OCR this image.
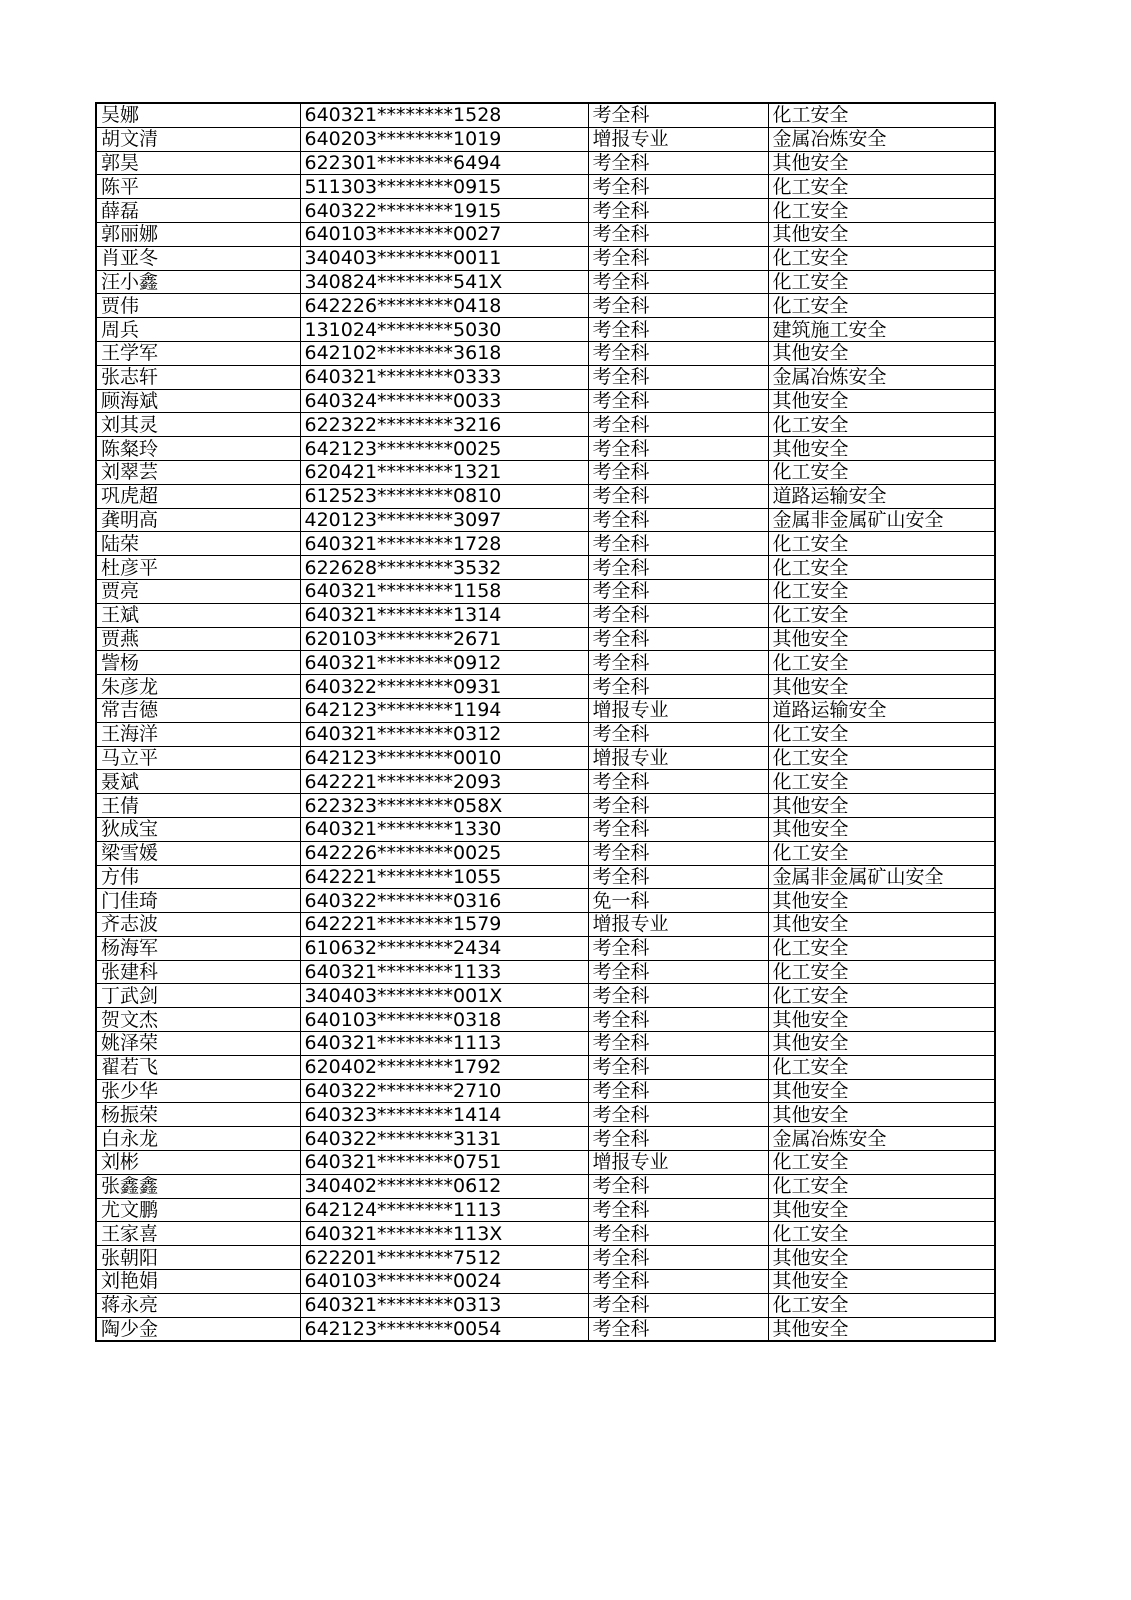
吴娜	640321********1528	考全科	化工安全
胡文清	640203********1019	增报专业	金属冶炼安全
郭昊	622301********6494	考全科	其他安全
陈平	511303********0915	考全科	化工安全
薛磊	640322********1915	考全科	化工安全
郭丽娜	640103********0027	考全科	其他安全
肖亚冬	340403********0011	考全科	化工安全
汪小鑫	340824********541X	考全科	化工安全
贾伟	642226********0418	考全科	化工安全
周兵	131024********5030	考全科	建筑施工安全
王学军	642102********3618	考全科	其他安全
张志轩	640321********0333	考全科	金属冶炼安全
顾海斌	640324********0033	考全科	其他安全
刘其灵	622322********3216	考全科	化工安全
陈粲玲	642123********0025	考全科	其他安全
刘翠芸	620421********1321	考全科	化工安全
巩虎超	612523********0810	考全科	道路运输安全
龚明高	420123********3097	考全科	金属非金属矿山安全
陆荣	640321********1728	考全科	化工安全
杜彦平	622628********3532	考全科	化工安全
贾亮	640321********1158	考全科	化工安全
王斌	640321********1314	考全科	化工安全
贾燕	620103********2671	考全科	其他安全
訾杨	640321********0912	考全科	化工安全
朱彦龙	640322********0931	考全科	其他安全
常吉德	642123********1194	增报专业	道路运输安全
王海洋	640321********0312	考全科	化工安全
马立平	642123********0010	增报专业	化工安全
聂斌	642221********2093	考全科	化工安全
王倩	622323********058X	考全科	其他安全
狄成宝	640321********1330	考全科	其他安全
梁雪媛	642226********0025	考全科	化工安全
方伟	642221********1055	考全科	金属非金属矿山安全
门佳琦	640322********0316	免一科	其他安全
齐志波	642221********1579	增报专业	其他安全
杨海军	610632********2434	考全科	化工安全
张建科	640321********1133	考全科	化工安全
丁武剑	340403********001X	考全科	化工安全
贺文杰	640103********0318	考全科	其他安全
姚泽荣	640321********1113	考全科	其他安全
翟若飞	620402********1792	考全科	化工安全
张少华	640322********2710	考全科	其他安全
杨振荣	640323********1414	考全科	其他安全
白永龙	640322********3131	考全科	金属冶炼安全
刘彬	640321********0751	增报专业	化工安全
张鑫鑫	340402********0612	考全科	化工安全
尤文鹏	642124********1113	考全科	其他安全
王家喜	640321********113X	考全科	化工安全
张朝阳	622201********7512	考全科	其他安全
刘艳娟	640103********0024	考全科	其他安全
蒋永亮	640321********0313	考全科	化工安全
陶少金	642123********0054	考全科	其他安全
